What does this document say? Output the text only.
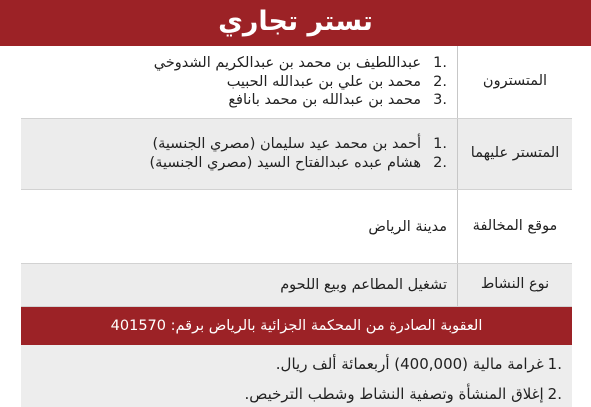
تستر تجاري
المتسترون
.1
عبداللطيف بن محمد بن عبدالكريم الشدوخي
.2
محمد بن علي بن عبدالله الحبيب
.3
محمد بن عبدالله بن محمد بانافع
المتستر عليهما
.1
أحمد بن محمد عيد سليمان (مصري الجنسية)
.2
هشام عبده عبدالفتاح السيد (مصري الجنسية)
موقع المخالفة
مدينة الرياض
نوع النشاط
تشغيل المطاعم وبيع اللحوم
العقوبة الصادرة من المحكمة الجزائية بالرياض برقم: 401570
.1
غرامة مالية (400,000) أربعمائة ألف ريال.
.2
إغلاق المنشأة وتصفية النشاط وشطب الترخيص.
